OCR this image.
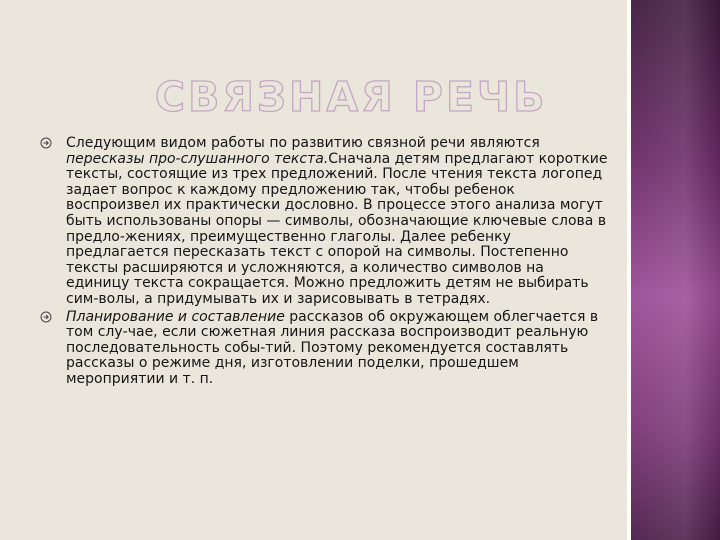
СВЯЗНАЯ РЕЧЬ
Следующим видом работы по развитию связной речи являются пересказы про-слушанного текста.Сначала детям предлагают короткие тексты, состоящие из трех предложений. После чтения текста логопед задает вопрос к каждому предложению так, чтобы ребенок воспроизвел их практически дословно. В процессе этого анализа могут быть использованы опоры — символы, обозначающие ключевые слова в предло-жениях, преимущественно глаголы. Далее ребенку предлагается пересказать текст с опорой на символы. Постепенно тексты расширяются и усложняются, а количество символов на единицу текста сокращается. Можно предложить детям не выбирать сим-волы, а придумывать их и зарисовывать в тетрадях.
Планирование и составление рассказов об окружающем облегчается в том слу-чае, если сюжетная линия рассказа воспроизводит реальную последовательность собы-тий. Поэтому рекомендуется составлять рассказы о режиме дня, изготовлении поделки, прошедшем мероприятии и т. п.
